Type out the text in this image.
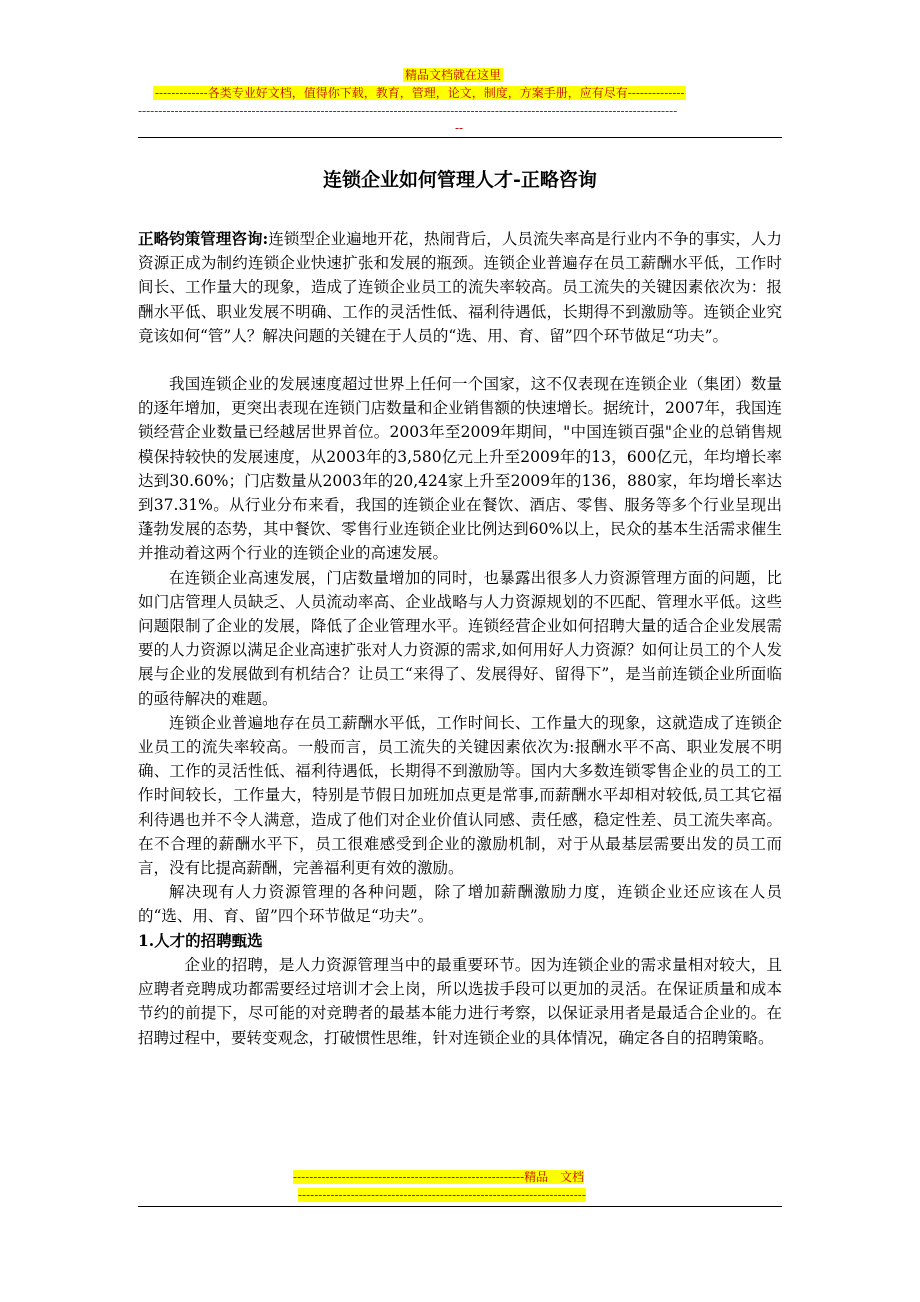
精品文档就在这里
-------------各类专业好文档，值得你下载，教育，管理，论文，制度，方案手册，应有尽有--------------
-------------------------------------------------------------------------------------------------------------------------------------
--
连锁企业如何管理人才-正略咨询

正略钧策管理咨询:连锁型企业遍地开花，热闹背后，人员流失率高是行业内不争的事实，人力资源正成为制约连锁企业快速扩张和发展的瓶颈。连锁企业普遍存在员工薪酬水平低，工作时间长、工作量大的现象，造成了连锁企业员工的流失率较高。员工流失的关键因素依次为：报酬水平低、职业发展不明确、工作的灵活性低、福利待遇低，长期得不到激励等。连锁企业究竟该如何“管”人？解决问题的关键在于人员的“选、用、育、留”四个环节做足“功夫”。

我国连锁企业的发展速度超过世界上任何一个国家，这不仅表现在连锁企业（集团）数量的逐年增加，更突出表现在连锁门店数量和企业销售额的快速增长。据统计，2007年，我国连锁经营企业数量已经越居世界首位。2003年至2009年期间，"中国连锁百强"企业的总销售规模保持较快的发展速度，从2003年的3,580亿元上升至2009年的13，600亿元，年均增长率达到30.60%；门店数量从2003年的20,424家上升至2009年的136，880家，年均增长率达到37.31%。从行业分布来看，我国的连锁企业在餐饮、酒店、零售、服务等多个行业呈现出蓬勃发展的态势，其中餐饮、零售行业连锁企业比例达到60%以上，民众的基本生活需求催生并推动着这两个行业的连锁企业的高速发展。

在连锁企业高速发展，门店数量增加的同时，也暴露出很多人力资源管理方面的问题，比如门店管理人员缺乏、人员流动率高、企业战略与人力资源规划的不匹配、管理水平低。这些问题限制了企业的发展，降低了企业管理水平。连锁经营企业如何招聘大量的适合企业发展需要的人力资源以满足企业高速扩张对人力资源的需求,如何用好人力资源？如何让员工的个人发展与企业的发展做到有机结合？让员工“来得了、发展得好、留得下”，是当前连锁企业所面临的亟待解决的难题。

连锁企业普遍地存在员工薪酬水平低，工作时间长、工作量大的现象，这就造成了连锁企业员工的流失率较高。一般而言，员工流失的关键因素依次为:报酬水平不高、职业发展不明确、工作的灵活性低、福利待遇低，长期得不到激励等。国内大多数连锁零售企业的员工的工作时间较长，工作量大，特别是节假日加班加点更是常事,而薪酬水平却相对较低,员工其它福利待遇也并不令人满意，造成了他们对企业价值认同感、责任感，稳定性差、员工流失率高。在不合理的薪酬水平下，员工很难感受到企业的激励机制，对于从最基层需要出发的员工而言，没有比提高薪酬，完善福利更有效的激励。

解决现有人力资源管理的各种问题，除了增加薪酬激励力度，连锁企业还应该在人员的“选、用、育、留”四个环节做足“功夫”。

1.人才的招聘甄选

企业的招聘，是人力资源管理当中的最重要环节。因为连锁企业的需求量相对较大，且应聘者竞聘成功都需要经过培训才会上岗，所以选拔手段可以更加的灵活。在保证质量和成本节约的前提下，尽可能的对竞聘者的最基本能力进行考察，以保证录用者是最适合企业的。在招聘过程中，要转变观念，打破惯性思维，针对连锁企业的具体情况，确定各自的招聘策略。

---------------------------------------------------------精品　文档
-----------------------------------------------------------------------
